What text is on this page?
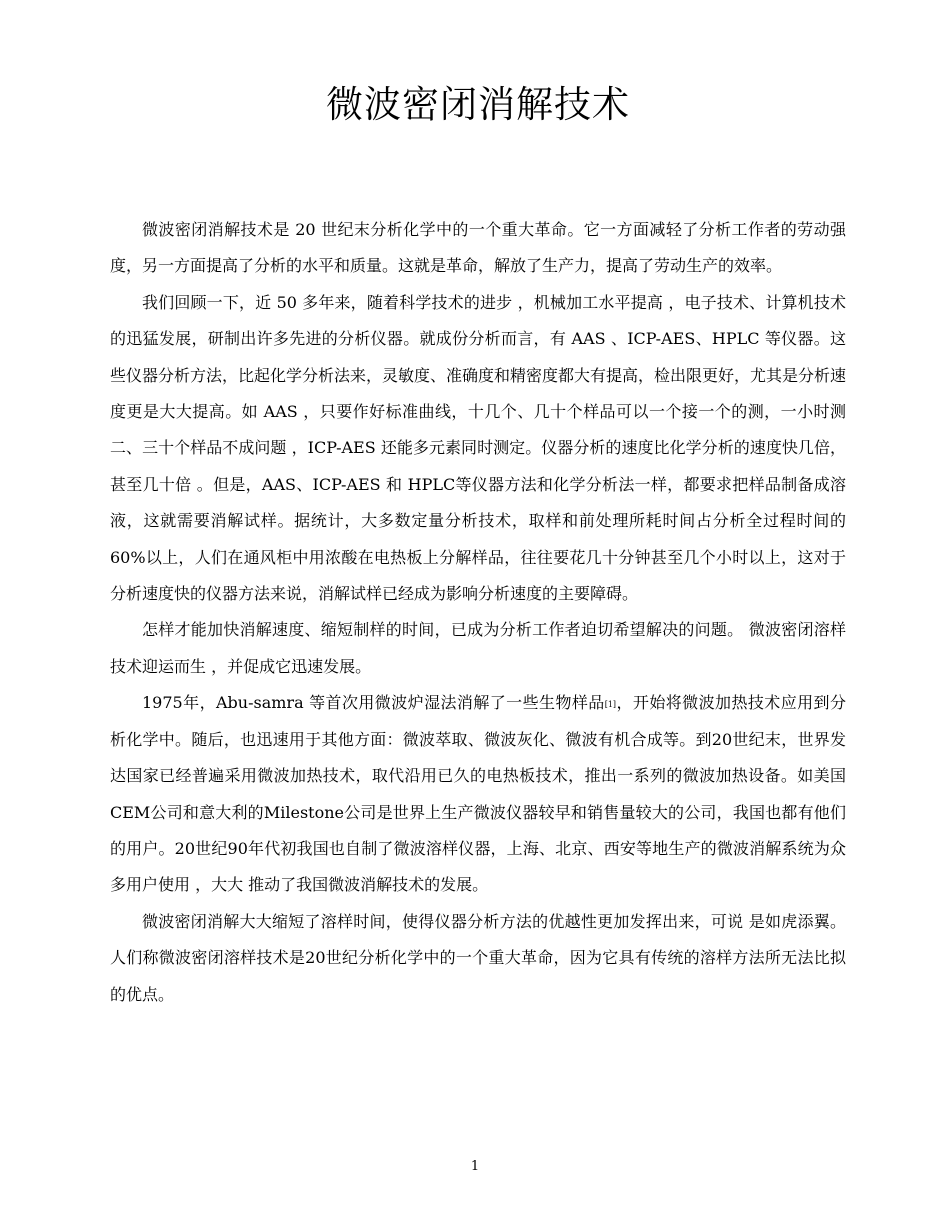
微波密闭消解技术

微波密闭消解技术是 20 世纪末分析化学中的一个重大革命。它一方面减轻了分析工作者的劳动强度，另一方面提高了分析的水平和质量。这就是革命，解放了生产力，提高了劳动生产的效率。

我们回顾一下，近 50 多年来，随着科学技术的进步 ，机械加工水平提高 ，电子技术、计算机技术的迅猛发展，研制出许多先进的分析仪器。就成份分析而言，有 AAS 、ICP-AES、HPLC 等仪器。这些仪器分析方法，比起化学分析法来，灵敏度、准确度和精密度都大有提高，检出限更好，尤其是分析速度更是大大提高。如 AAS ，只要作好标准曲线，十几个、几十个样品可以一个接一个的测，一小时测二、三十个样品不成问题 ，ICP-AES 还能多元素同时测定。仪器分析的速度比化学分析的速度快几倍，甚至几十倍 。但是，AAS、ICP-AES 和 HPLC等仪器方法和化学分析法一样，都要求把样品制备成溶液，这就需要消解试样。据统计，大多数定量分析技术，取样和前处理所耗时间占分析全过程时间的60%以上，人们在通风柜中用浓酸在电热板上分解样品，往往要花几十分钟甚至几个小时以上，这对于分析速度快的仪器方法来说，消解试样已经成为影响分析速度的主要障碍。

怎样才能加快消解速度、缩短制样的时间，已成为分析工作者迫切希望解决的问题。 微波密闭溶样技术迎运而生 ，并促成它迅速发展。

1975年，Abu-samra 等首次用微波炉湿法消解了一些生物样品[1]，开始将微波加热技术应用到分析化学中。随后，也迅速用于其他方面：微波萃取、微波灰化、微波有机合成等。到20世纪末，世界发达国家已经普遍采用微波加热技术，取代沿用已久的电热板技术，推出一系列的微波加热设备。如美国 CEM公司和意大利的Milestone公司是世界上生产微波仪器较早和销售量较大的公司，我国也都有他们的用户。20世纪90年代初我国也自制了微波溶样仪器，上海、北京、西安等地生产的微波消解系统为众多用户使用 ，大大 推动了我国微波消解技术的发展。

微波密闭消解大大缩短了溶样时间，使得仪器分析方法的优越性更加发挥出来，可说 是如虎添翼。人们称微波密闭溶样技术是20世纪分析化学中的一个重大革命，因为它具有传统的溶样方法所无法比拟的优点。

1
